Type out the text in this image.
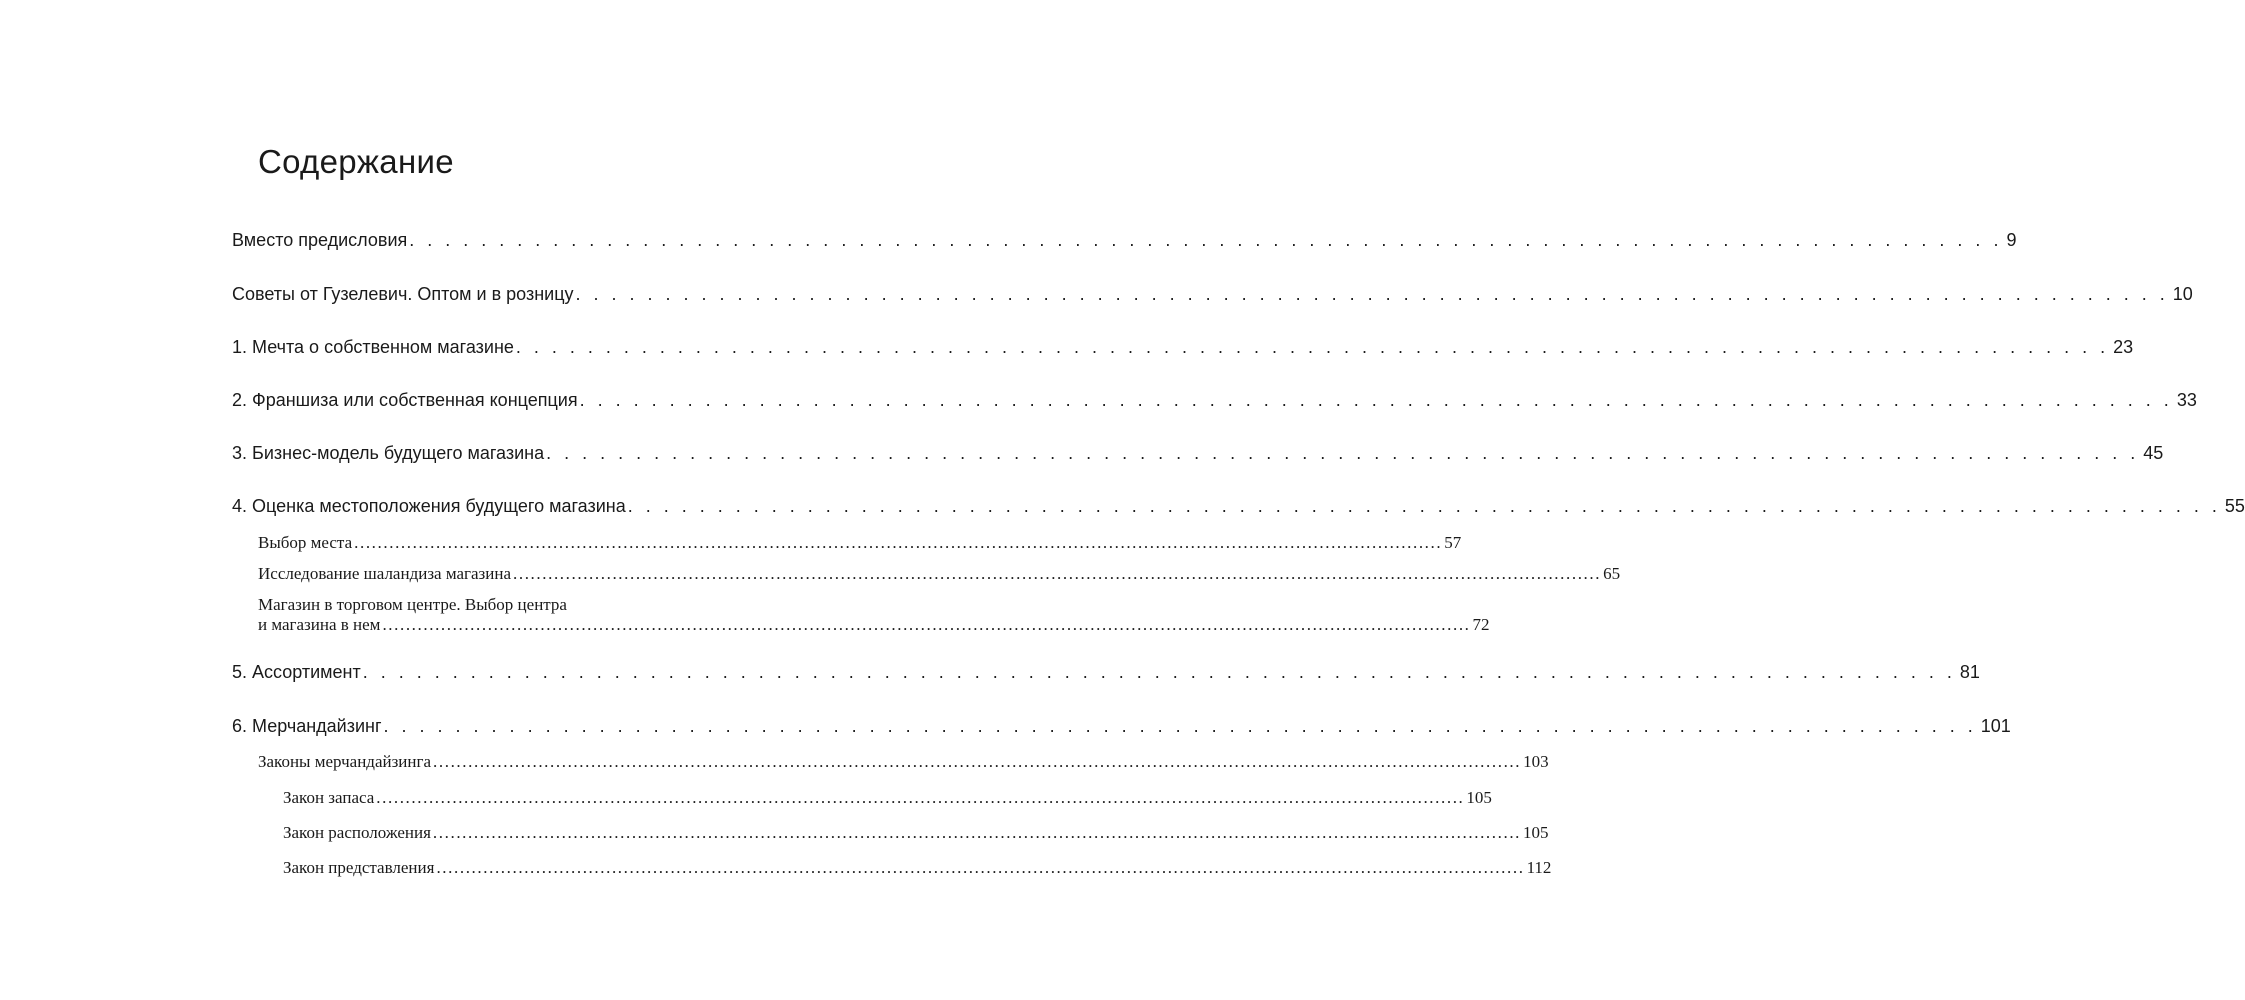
Содержание
Вместо предисловия . . . . . . . . . . . . . . . . . . . . . . . . . . . . . . . . . . . . . . . . . . . . . . . . . . . . . . . . . . . . . . . . . . . . . . . . . . . . . . . . . . . . . . . . . 9
Советы от Гузелевич. Оптом и в розницу . . . . . . . . . . . . . . . . . . . . . . . . . . . . . . . . . . . . . . . . . . . . . . . . . . . . . . . . . . . . . . . . . . . . . . . . . . . . . . . . . . . . . . . . . 10
1. Мечта о собственном магазине . . . . . . . . . . . . . . . . . . . . . . . . . . . . . . . . . . . . . . . . . . . . . . . . . . . . . . . . . . . . . . . . . . . . . . . . . . . . . . . . . . . . . . . . . 23
2. Франшиза или собственная концепция . . . . . . . . . . . . . . . . . . . . . . . . . . . . . . . . . . . . . . . . . . . . . . . . . . . . . . . . . . . . . . . . . . . . . . . . . . . . . . . . . . . . . . . . . 33
3. Бизнес-модель будущего магазина . . . . . . . . . . . . . . . . . . . . . . . . . . . . . . . . . . . . . . . . . . . . . . . . . . . . . . . . . . . . . . . . . . . . . . . . . . . . . . . . . . . . . . . . . 45
4. Оценка местоположения будущего магазина . . . . . . . . . . . . . . . . . . . . . . . . . . . . . . . . . . . . . . . . . . . . . . . . . . . . . . . . . . . . . . . . . . . . . . . . . . . . . . . . . . . . . . . . . 55
Выбор места .......................................................................................................................................................................................... 57
Исследование шаландиза магазина .......................................................................................................................................................................................... 65
Магазин в торговом центре. Выбор центра
и магазина в нем .......................................................................................................................................................................................... 72
5. Ассортимент . . . . . . . . . . . . . . . . . . . . . . . . . . . . . . . . . . . . . . . . . . . . . . . . . . . . . . . . . . . . . . . . . . . . . . . . . . . . . . . . . . . . . . . . . 81
6. Мерчандайзинг . . . . . . . . . . . . . . . . . . . . . . . . . . . . . . . . . . . . . . . . . . . . . . . . . . . . . . . . . . . . . . . . . . . . . . . . . . . . . . . . . . . . . . . . . 101
Законы мерчандайзинга .......................................................................................................................................................................................... 103
Закон запаса .......................................................................................................................................................................................... 105
Закон расположения .......................................................................................................................................................................................... 105
Закон представления .......................................................................................................................................................................................... 112
